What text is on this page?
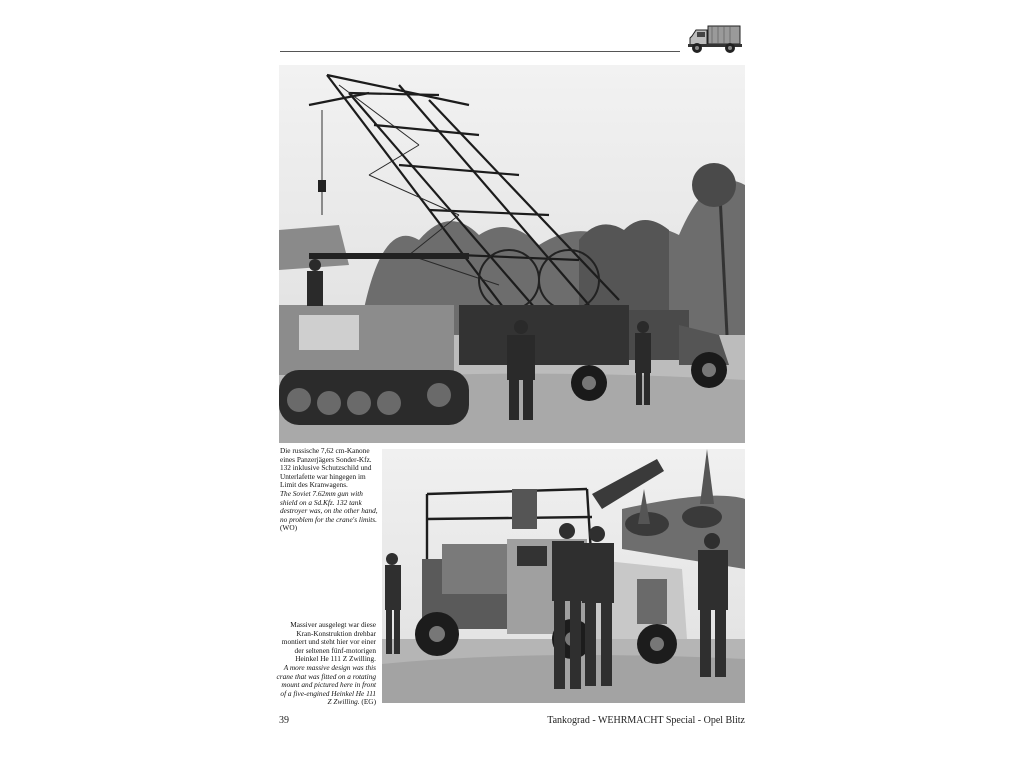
Die russische 7,62 cm-Kanone
eines Panzerjägers Sonder-Kfz.
132 inklusive Schutzschild und
Unterlafette war hingegen im
Limit des Kranwagens.
The Soviet 7.62mm gun with
shield on a Sd.Kfz. 132 tank
destroyer was, on the other hand,
no problem for the crane's limits.
(WO)
Massiver ausgelegt war diese
Kran-Konstruktion drehbar
montiert und steht hier vor einer
der seltenen fünf-motorigen
Heinkel He 111 Z Zwilling.
A more massive design was this
crane that was fitted on a rotating
mount and pictured here in front
of a five-engined Heinkel He 111
Z Zwilling. (EG)
39	Tankograd - WEHRMACHT Special - Opel Blitz
